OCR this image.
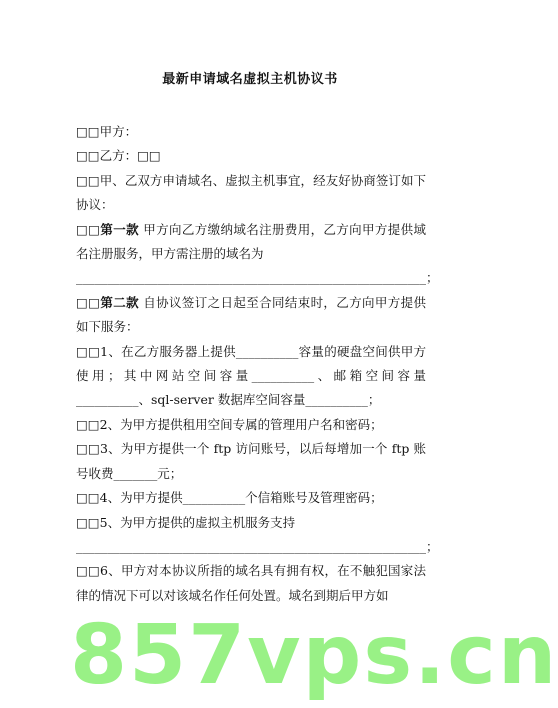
最新申请域名虚拟主机协议书

□□甲方：

□□乙方：□□

□□甲、乙双方申请域名、虚拟主机事宜，经友好协商签订如下协议：

□□第一款 甲方向乙方缴纳域名注册费用，乙方向甲方提供域名注册服务，甲方需注册的域名为

________________________________________________________；

□□第二款 自协议签订之日起至合同结束时，乙方向甲方提供如下服务：

□□1、在乙方服务器上提供__________容量的硬盘空间供甲方使用；其中网站空间容量__________、邮箱空间容量__________、sql-server 数据库空间容量__________；

□□2、为甲方提供租用空间专属的管理用户名和密码；

□□3、为甲方提供一个 ftp 访问账号，以后每增加一个 ftp 账号收费_______元；

□□4、为甲方提供__________个信箱账号及管理密码；

□□5、为甲方提供的虚拟主机服务支持

________________________________________________________；

□□6、甲方对本协议所指的域名具有拥有权，在不触犯国家法律的情况下可以对该域名作任何处置。域名到期后甲方如

857vps.cn
